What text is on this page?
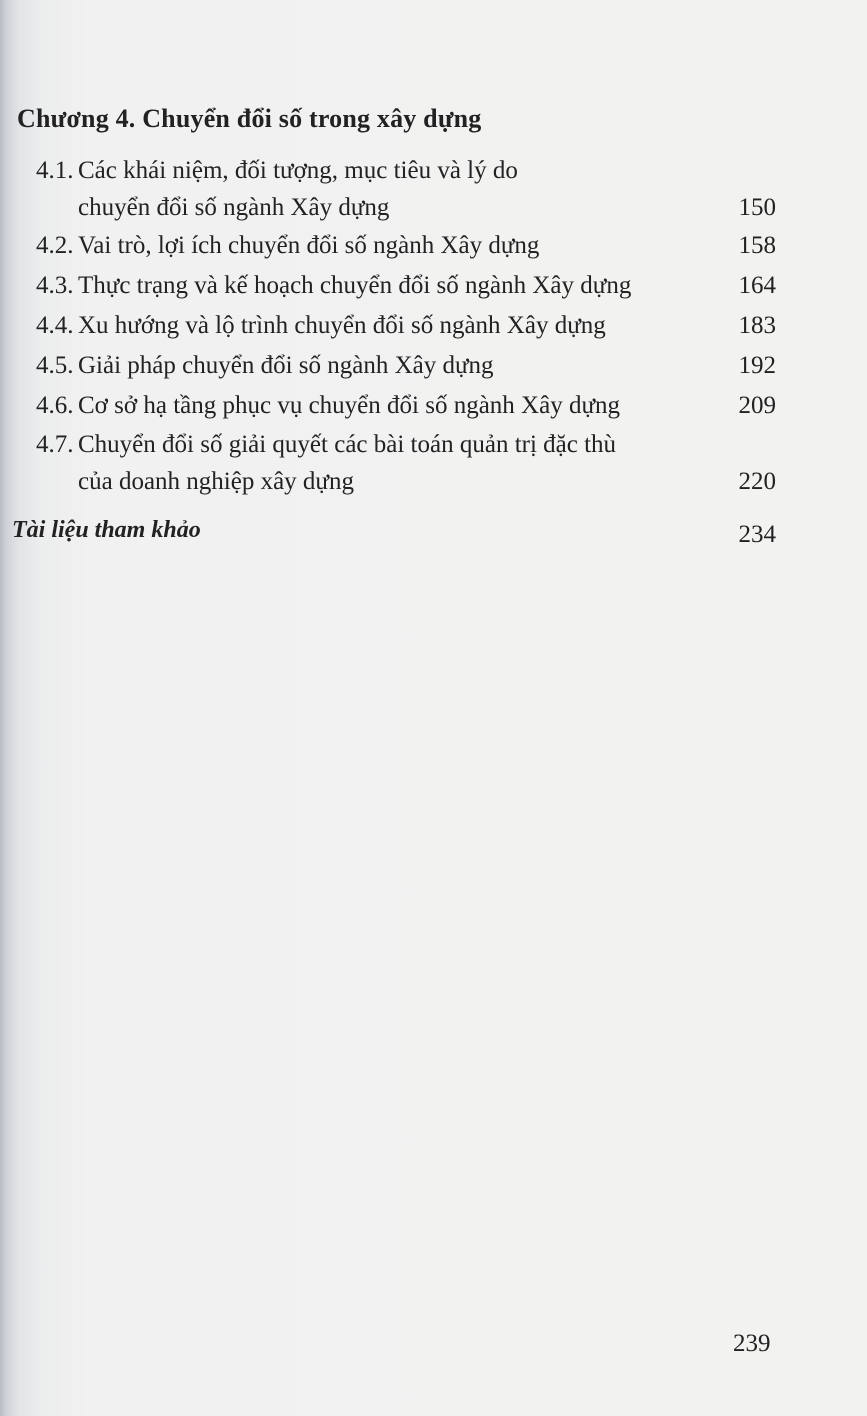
Chương 4. Chuyển đổi số trong xây dựng
4.1. Các khái niệm, đối tượng, mục tiêu và lý do
chuyển đổi số ngành Xây dựng	150
4.2. Vai trò, lợi ích chuyển đổi số ngành Xây dựng	158
4.3. Thực trạng và kế hoạch chuyển đổi số ngành Xây dựng	164
4.4. Xu hướng và lộ trình chuyển đổi số ngành Xây dựng	183
4.5. Giải pháp chuyển đổi số ngành Xây dựng	192
4.6. Cơ sở hạ tầng phục vụ chuyển đổi số ngành Xây dựng	209
4.7. Chuyển đổi số giải quyết các bài toán quản trị đặc thù
của doanh nghiệp xây dựng	220
Tài liệu tham khảo	234
239
